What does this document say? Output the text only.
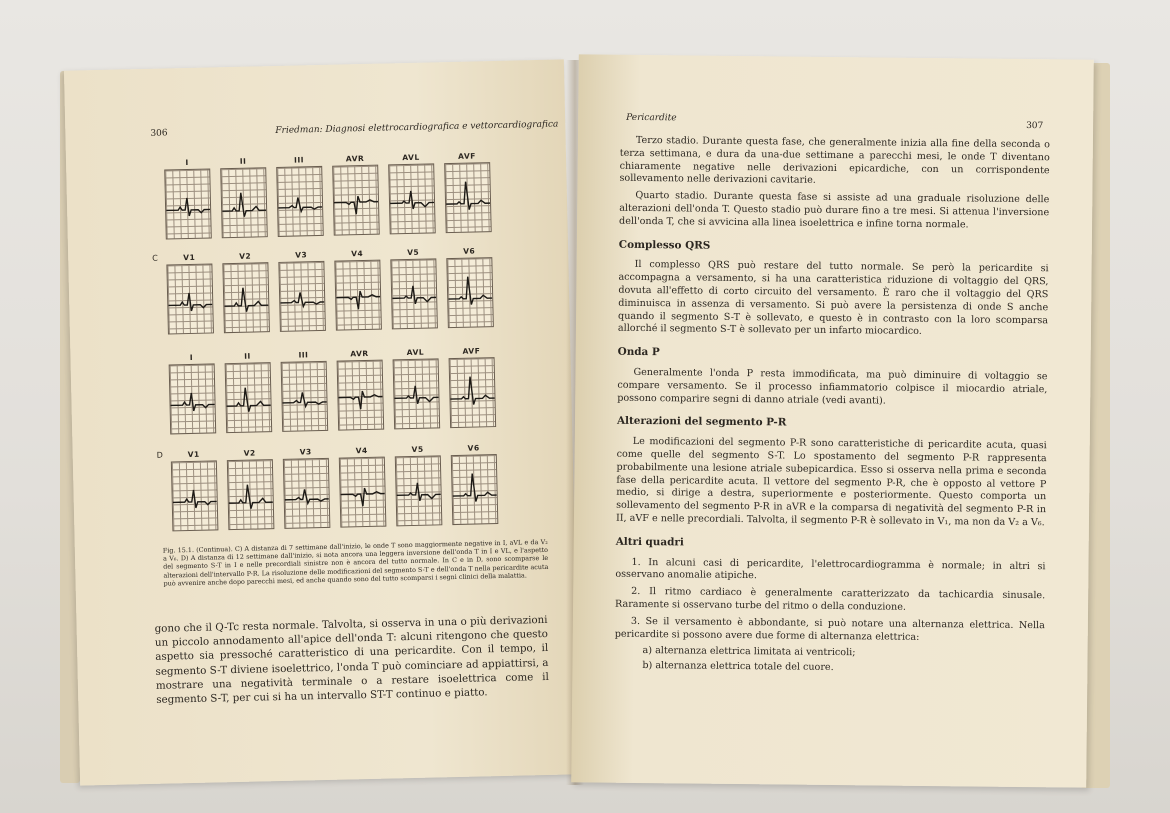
306	Friedman: Diagnosi elettrocardiografica e vettorcardiografica
I	II	III	AVR	AVL	AVF
C	V1	V2	V3	V4	V5	V6
I	II	III	AVR	AVL	AVF
D	V1	V2	V3	V4	V5	V6
Fig. 15.1. (Continua). C) A distanza di 7 settimane dall'inizio, le onde T sono maggiormente negative in I, aVL e da V₂ a V₆. D) A distanza di 12 settimane dall'inizio, si nota ancora una leggera inversione dell'onda T in I e VL, e l'aspetto del segmento S-T in I e nelle precordiali sinistre non è ancora del tutto normale. In C e in D, sono scomparse le alterazioni dell'intervallo P-R. La risoluzione delle modificazioni del segmento S-T e dell'onda T nella pericardite acuta può avvenire anche dopo parecchi mesi, ed anche quando sono del tutto scomparsi i segni clinici della malattia.
gono che il Q-Tc resta normale. Talvolta, si osserva in una o più derivazioni un piccolo annodamento all'apice dell'onda T: alcuni ritengono che questo aspetto sia pressoché caratteristico di una pericardite. Con il tempo, il segmento S-T diviene isoelettrico, l'onda T può cominciare ad appiattirsi, a mostrare una negatività terminale o a restare isoelettrica come il segmento S-T, per cui si ha un intervallo ST-T continuo e piatto.
Pericardite
307

Terzo stadio. Durante questa fase, che generalmente inizia alla fine della seconda o terza settimana, e dura da una-due settimane a parecchi mesi, le onde T diventano chiaramente negative nelle derivazioni epicardiche, con un corrispondente sollevamento nelle derivazioni cavitarie.

Quarto stadio. Durante questa fase si assiste ad una graduale risoluzione delle alterazioni dell'onda T. Questo stadio può durare fino a tre mesi. Si attenua l'inversione dell'onda T, che si avvicina alla linea isoelettrica e infine torna normale.

Complesso QRS

Il complesso QRS può restare del tutto normale. Se però la pericardite si accompagna a versamento, si ha una caratteristica riduzione di voltaggio del QRS, dovuta all'effetto di corto circuito del versamento. È raro che il voltaggio del QRS diminuisca in assenza di versamento. Si può avere la persistenza di onde S anche quando il segmento S-T è sollevato, e questo è in contrasto con la loro scomparsa allorché il segmento S-T è sollevato per un infarto miocardico.

Onda P

Generalmente l'onda P resta immodificata, ma può diminuire di voltaggio se compare versamento. Se il processo infiammatorio colpisce il miocardio atriale, possono comparire segni di danno atriale (vedi avanti).

Alterazioni del segmento P-R

Le modificazioni del segmento P-R sono caratteristiche di pericardite acuta, quasi come quelle del segmento S-T. Lo spostamento del segmento P-R rappresenta probabilmente una lesione atriale subepicardica. Esso si osserva nella prima e seconda fase della pericardite acuta. Il vettore del segmento P-R, che è opposto al vettore P medio, si dirige a destra, superiormente e posteriormente. Questo comporta un sollevamento del segmento P-R in aVR e la comparsa di negatività del segmento P-R in II, aVF e nelle precordiali. Talvolta, il segmento P-R è sollevato in V₁, ma non da V₂ a V₆.

Altri quadri

1. In alcuni casi di pericardite, l'elettrocardiogramma è normale; in altri si osservano anomalie atipiche.

2. Il ritmo cardiaco è generalmente caratterizzato da tachicardia sinusale. Raramente si osservano turbe del ritmo o della conduzione.

3. Se il versamento è abbondante, si può notare una alternanza elettrica. Nella pericardite si possono avere due forme di alternanza elettrica:

a) alternanza elettrica limitata ai ventricoli;
b) alternanza elettrica totale del cuore.
